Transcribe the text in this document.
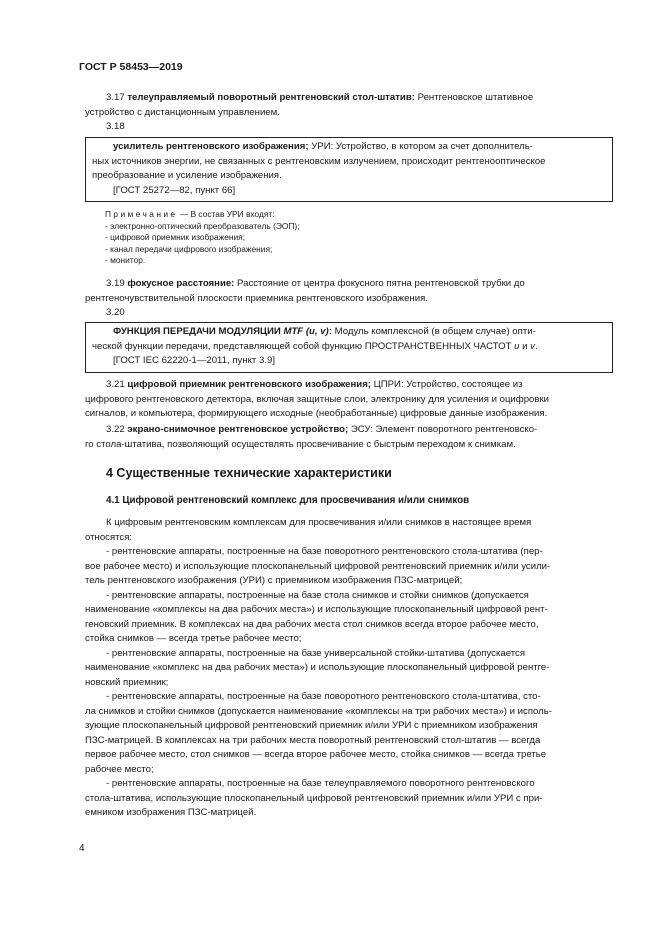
ГОСТ Р 58453—2019

3.17 телеуправляемый поворотный рентгеновский стол-штатив: Рентгеновское штативное

устройство с дистанционным управлением.

3.18

усилитель рентгеновского изображения; УРИ: Устройство, в котором за счет дополнитель-

ных источников энергии, не связанных с рентгеновским излучением, происходит рентгенооптическое

преобразование и усиление изображения.

[ГОСТ 25272—82, пункт 66]

Примечание — В состав УРИ входят:

- электронно-оптический преобразователь (ЭОП);

- цифровой приемник изображения;

- канал передачи цифрового изображения;

- монитор.

3.19 фокусное расстояние: Расстояние от центра фокусного пятна рентгеновской трубки до

рентгеночувствительной плоскости приемника рентгеновского изображения.

3.20

ФУНКЦИЯ ПЕРЕДАЧИ МОДУЛЯЦИИ MTF (u, v): Модуль комплексной (в общем случае) опти-

ческой функции передачи, представляющей собой функцию ПРОСТРАНСТВЕННЫХ ЧАСТОТ u и v.

[ГОСТ IEC 62220-1—2011, пункт 3.9]

3.21 цифровой приемник рентгеновского изображения; ЦПРИ: Устройство, состоящее из

цифрового рентгеновского детектора, включая защитные слои, электронику для усиления и оцифровки

сигналов, и компьютера, формирующего исходные (необработанные) цифровые данные изображения.

3.22 экрано-снимочное рентгеновское устройство; ЭСУ: Элемент поворотного рентгеновско-

го стола-штатива, позволяющий осуществлять просвечивание с быстрым переходом к снимкам.

4 Существенные технические характеристики
4.1 Цифровой рентгеновский комплекс для просвечивания и/или снимков

К цифровым рентгеновским комплексам для просвечивания и/или снимков в настоящее время

относятся:

- рентгеновские аппараты, построенные на базе поворотного рентгеновского стола-штатива (пер-

вое рабочее место) и использующие плоскопанельный цифровой рентгеновский приемник и/или усили-

тель рентгеновского изображения (УРИ) с приемником изображения ПЗС-матрицей;

- рентгеновские аппараты, построенные на базе стола снимков и стойки снимков (допускается

наименование «комплексы на два рабочих места») и использующие плоскопанельный цифровой рент-

геновский приемник. В комплексах на два рабочих места стол снимков всегда второе рабочее место,

стойка снимков — всегда третье рабочее место;

- рентгеновские аппараты, построенные на базе универсальной стойки-штатива (допускается

наименование «комплекс на два рабочих места») и использующие плоскопанельный цифровой рентге-

новский приемник;

- рентгеновские аппараты, построенные на базе поворотного рентгеновского стола-штатива, сто-

ла снимков и стойки снимков (допускается наименование «комплексы на три рабочих места») и исполь-

зующие плоскопанельный цифровой рентгеновский приемник и/или УРИ с приемником изображения

ПЗС-матрицей. В комплексах на три рабочих места поворотный рентгеновский стол-штатив — всегда

первое рабочее место, стол снимков — всегда второе рабочее место, стойка снимков — всегда третье

рабочее место;

- рентгеновские аппараты, построенные на базе телеуправляемого поворотного рентгеновского

стола-штатива, использующие плоскопанельный цифровой рентгеновский приемник и/или УРИ с при-

емником изображения ПЗС-матрицей.

4
